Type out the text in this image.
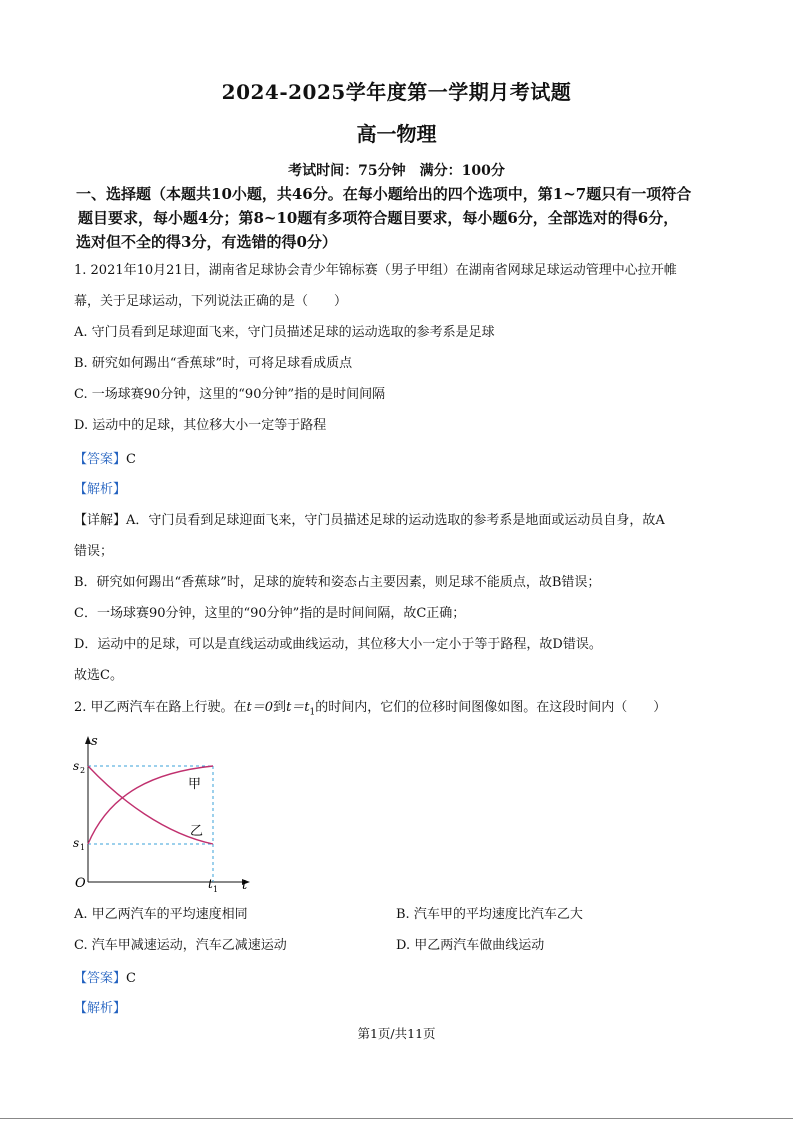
2024-2025学年度第一学期月考试题
高一物理
考试时间：75分钟　满分：100分
一、选择题（本题共10小题，共46分。在每小题给出的四个选项中，第1~7题只有一项符合
题目要求，每小题4分；第8~10题有多项符合题目要求，每小题6分，全部选对的得6分，
选对但不全的得3分，有选错的得0分）
1. 2021年10月21日，湖南省足球协会青少年锦标赛（男子甲组）在湖南省网球足球运动管理中心拉开帷
幕，关于足球运动，下列说法正确的是（　　）
A. 守门员看到足球迎面飞来，守门员描述足球的运动选取的参考系是足球
B. 研究如何踢出“香蕉球”时，可将足球看成质点
C. 一场球赛90分钟，这里的“90分钟”指的是时间间隔
D. 运动中的足球，其位移大小一定等于路程
【答案】C
【解析】
【详解】A．守门员看到足球迎面飞来，守门员描述足球的运动选取的参考系是地面或运动员自身，故A
错误；
B．研究如何踢出“香蕉球”时，足球的旋转和姿态占主要因素，则足球不能质点，故B错误；
C．一场球赛90分钟，这里的“90分钟”指的是时间间隔，故C正确；
D．运动中的足球，可以是直线运动或曲线运动，其位移大小一定小于等于路程，故D错误。
故选C。
2. 甲乙两汽车在路上行驶。在t＝0到$t=t_1$的时间内，它们的位移时间图像如图。在这段时间内（　　）
s
t
O
s 2
s 1
t 1
甲
乙
A. 甲乙两汽车的平均速度相同	B. 汽车甲的平均速度比汽车乙大
C. 汽车甲减速运动，汽车乙减速运动	D. 甲乙两汽车做曲线运动
【答案】C
【解析】
第1页/共11页
